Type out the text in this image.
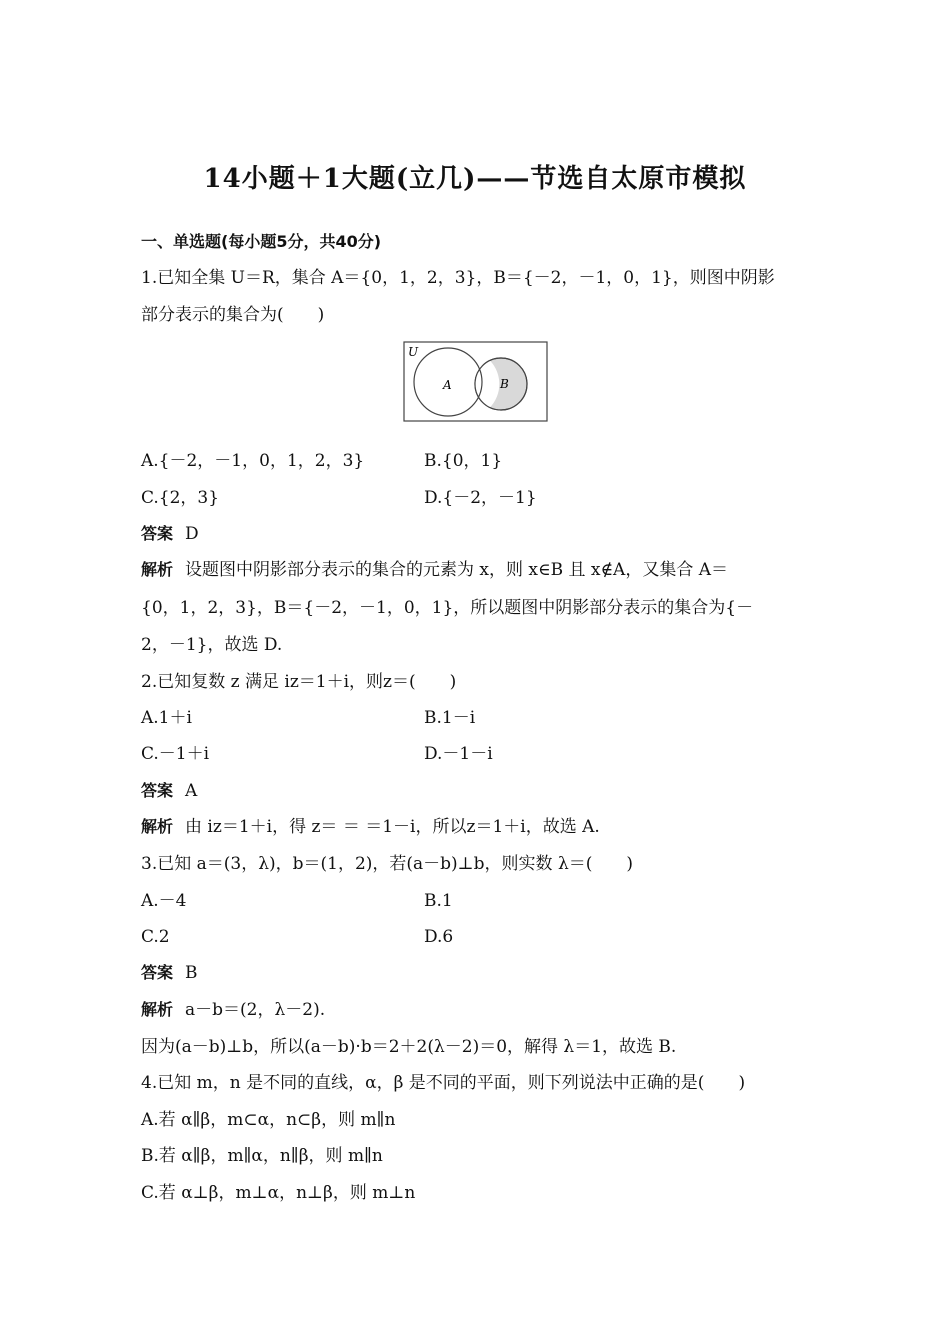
14小题＋1大题(立几)——节选自太原市模拟
一、单选题(每小题5分，共40分)
1.已知全集 U＝R，集合 A＝{0，1，2，3}，B＝{－2，－1，0，1}，则图中阴影
部分表示的集合为(　　)
U
A	B
A.{－2，－1，0，1，2，3}	B.{0，1}
C.{2，3}	D.{－2，－1}
答案 D
解析 设题图中阴影部分表示的集合的元素为 x，则 x∈B 且 x∉A，又集合 A＝
{0，1，2，3}，B＝{－2，－1，0，1}，所以题图中阴影部分表示的集合为{－
2，－1}，故选 D.
2.已知复数 z 满足 iz＝1＋i，则z＝(　　)
A.1＋i	B.1－i
C.－1＋i	D.－1－i
答案 A
解析 由 iz＝1＋i，得 z＝ ＝ ＝1－i，所以z＝1＋i，故选 A.
3.已知 a＝(3，λ)，b＝(1，2)，若(a－b)⊥b，则实数 λ＝(　　)
A.－4	B.1
C.2	D.6
答案 B
解析 a－b＝(2，λ－2).
因为(a－b)⊥b，所以(a－b)·b＝2＋2(λ－2)＝0，解得 λ＝1，故选 B.
4.已知 m，n 是不同的直线，α，β 是不同的平面，则下列说法中正确的是(　　)
A.若 α∥β，m⊂α，n⊂β，则 m∥n
B.若 α∥β，m∥α，n∥β，则 m∥n
C.若 α⊥β，m⊥α，n⊥β，则 m⊥n
